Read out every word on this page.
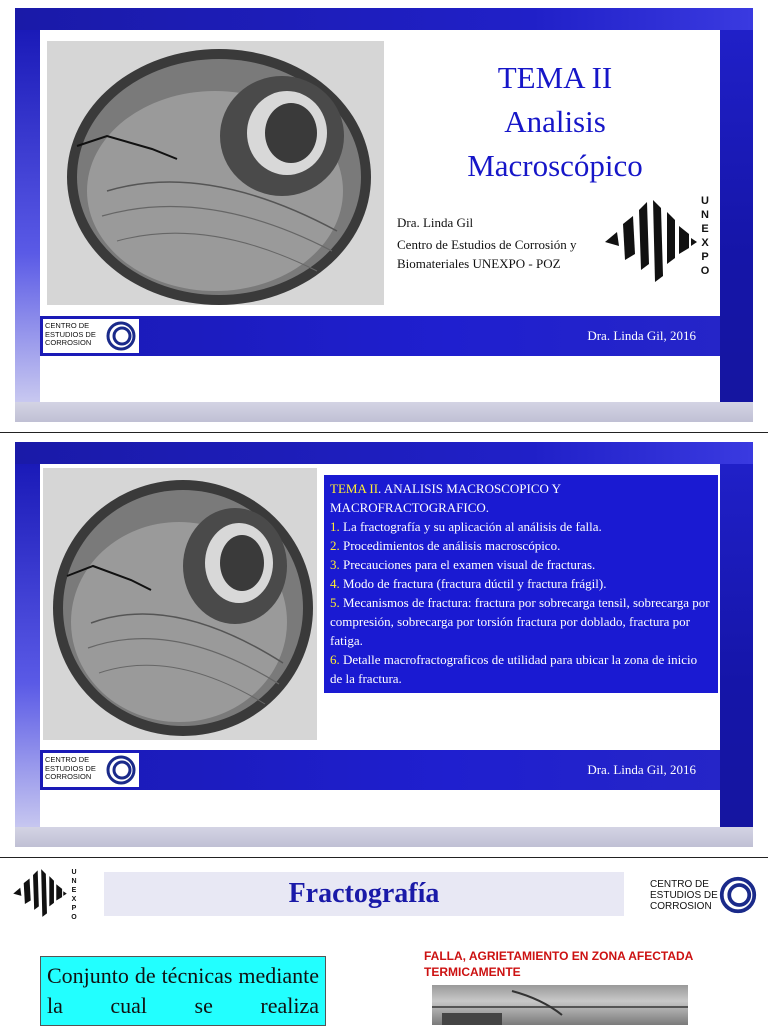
TEMA II
Analisis
Macroscópico
Dra. Linda Gil
Centro de Estudios de Corrosión y
Biomateriales UNEXPO - POZ
U
N
E
X
P
O
CENTRO DE
ESTUDIOS DE
CORROSION	Dra. Linda Gil, 2016
TEMA II. ANALISIS MACROSCOPICO Y MACROFRACTOGRAFICO.
1. La fractografía y su aplicación al análisis de falla.
2. Procedimientos de análisis macroscópico.
3. Precauciones para el examen visual de fracturas.
4. Modo de fractura (fractura dúctil y fractura frágil).
5. Mecanismos de fractura: fractura por sobrecarga tensil, sobrecarga por compresión, sobrecarga por torsión fractura por doblado, fractura por fatiga.
6. Detalle macrofractograficos de utilidad para ubicar la zona de inicio de la fractura.
CENTRO DE
ESTUDIOS DE
CORROSION	Dra. Linda Gil, 2016
U
N
E
X
P
O
Fractografía	CENTRO DE
ESTUDIOS DE
CORROSION
Conjunto de técnicas mediante la cual se realiza
FALLA, AGRIETAMIENTO EN ZONA AFECTADA
TERMICAMENTE
